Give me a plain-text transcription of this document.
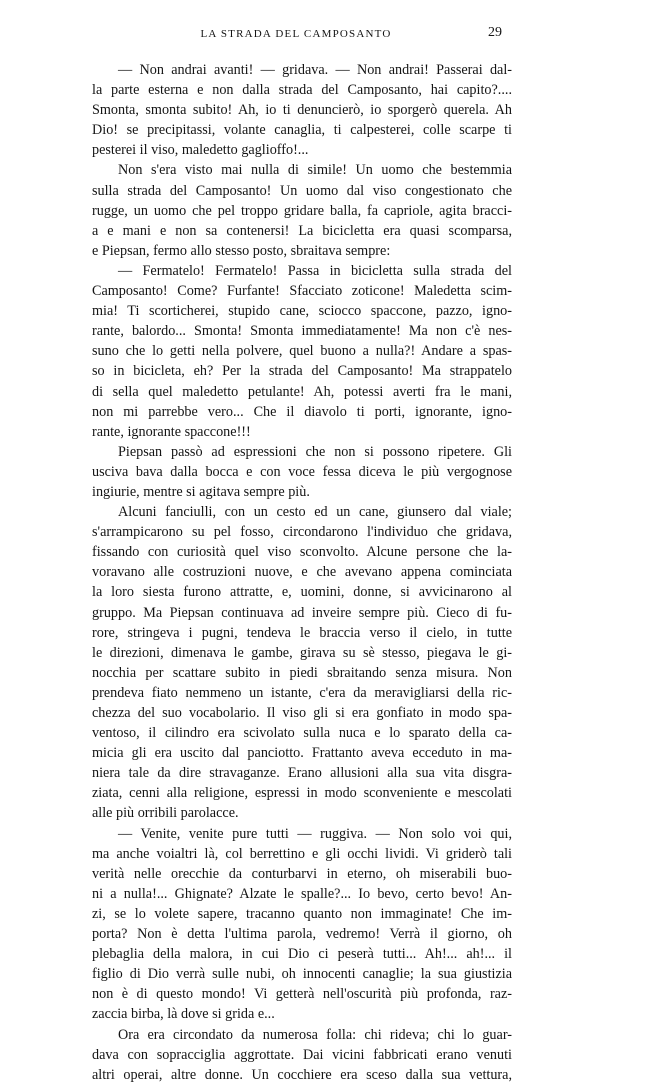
LA STRADA DEL CAMPOSANTO	29
— Non andrai avanti! — gridava. — Non andrai! Passerai dal-
la parte esterna e non dalla strada del Camposanto, hai capito?....
Smonta, smonta subito! Ah, io ti denuncierò, io sporgerò querela. Ah
Dio! se precipitassi, volante canaglia, ti calpesterei, colle scarpe ti
pesterei il viso, maledetto gaglioffo!...
Non s'era visto mai nulla di simile! Un uomo che bestemmia
sulla strada del Camposanto! Un uomo dal viso congestionato che
rugge, un uomo che pel troppo gridare balla, fa capriole, agita bracci-
a e mani e non sa contenersi! La bicicletta era quasi scomparsa,
e Piepsan, fermo allo stesso posto, sbraitava sempre:
— Fermatelo! Fermatelo! Passa in bicicletta sulla strada del
Camposanto! Come? Furfante! Sfacciato zoticone! Maledetta scim-
mia! Ti scorticherei, stupido cane, sciocco spaccone, pazzo, igno-
rante, balordo... Smonta! Smonta immediatamente! Ma non c'è nes-
suno che lo getti nella polvere, quel buono a nulla?! Andare a spas-
so in bicicleta, eh? Per la strada del Camposanto! Ma strappatelo
di sella quel maledetto petulante! Ah, potessi averti fra le mani,
non mi parrebbe vero... Che il diavolo ti porti, ignorante, igno-
rante, ignorante spaccone!!!
Piepsan passò ad espressioni che non si possono ripetere. Gli
usciva bava dalla bocca e con voce fessa diceva le più vergognose
ingiurie, mentre si agitava sempre più.
Alcuni fanciulli, con un cesto ed un cane, giunsero dal viale;
s'arrampicarono su pel fosso, circondarono l'individuo che gridava,
fissando con curiosità quel viso sconvolto. Alcune persone che la-
voravano alle costruzioni nuove, e che avevano appena cominciata
la loro siesta furono attratte, e, uomini, donne, si avvicinarono al
gruppo. Ma Piepsan continuava ad inveire sempre più. Cieco di fu-
rore, stringeva i pugni, tendeva le braccia verso il cielo, in tutte
le direzioni, dimenava le gambe, girava su sè stesso, piegava le gi-
nocchia per scattare subito in piedi sbraitando senza misura. Non
prendeva fiato nemmeno un istante, c'era da meravigliarsi della ric-
chezza del suo vocabolario. Il viso gli si era gonfiato in modo spa-
ventoso, il cilindro era scivolato sulla nuca e lo sparato della ca-
micia gli era uscito dal panciotto. Frattanto aveva ecceduto in ma-
niera tale da dire stravaganze. Erano allusioni alla sua vita disgra-
ziata, cenni alla religione, espressi in modo sconveniente e mescolati
alle più orribili parolacce.
— Venite, venite pure tutti — ruggiva. — Non solo voi qui,
ma anche voialtri là, col berrettino e gli occhi lividi. Vi griderò tali
verità nelle orecchie da conturbarvi in eterno, oh miserabili buo-
ni a nulla!... Ghignate? Alzate le spalle?... Io bevo, certo bevo! An-
zi, se lo volete sapere, tracanno quanto non immaginate! Che im-
porta? Non è detta l'ultima parola, vedremo! Verrà il giorno, oh
plebaglia della malora, in cui Dio ci peserà tutti... Ah!... ah!... il
figlio di Dio verrà sulle nubi, oh innocenti canaglie; la sua giustizia
non è di questo mondo! Vi getterà nell'oscurità più profonda, raz-
zaccia birba, là dove si grida e...
Ora era circondato da numerosa folla: chi rideva; chi lo guar-
dava con sopracciglia aggrottate. Dai vicini fabbricati erano venuti
altri operai, altre donne. Un cocchiere era sceso dalla sua vettura,
